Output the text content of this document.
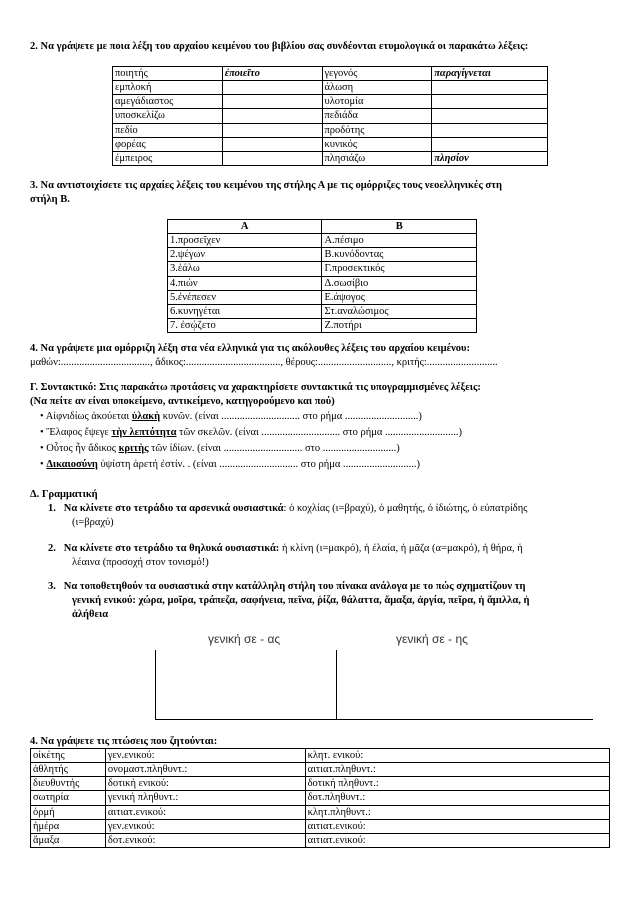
2. Να γράψετε με ποια λέξη του αρχαίου κειμένου του βιβλίου σας συνδέονται ετυμολογικά οι παρακάτω λέξεις:
ποιητής	ἐποιεῖτο	γεγονός	παραγίγνεται
εμπλοκή		άλωση	
αμεγάδιαστος		υλοτομία	
υποσκελίζω		πεδιάδα	
πεδίο		προδότης	
φορέας		κυνικός	
έμπειρος		πλησιάζω	πλησίον
3. Να αντιστοιχίσετε τις αρχαίες λέξεις του κειμένου της στήλης Α με τις ομόρριζες τους νεοελληνικές στη
στήλη Β.
Α	Β
1.προσεῖχεν	Α.πέσιμο
2.ψέγων	Β.κυνόδοντας
3.ἑάλω	Γ.προσεκτικός
4.πιών	Δ.σωσίβιο
5.ἐνέπεσεν	Ε.άψογος
6.κυνηγέται	Στ.αναλώσιμος
7. ἐσῴζετο	Ζ.ποτήρι
4. Να γράψετε μια ομόρριζη λέξη στα νέα ελληνικά για τις ακόλουθες λέξεις του αρχαίου κειμένου:
μαθών:.................................., ἄδικος:...................................., θέρους:............................, κριτής:...........................
Γ. Συντακτικό: Στις παρακάτω προτάσεις να χαρακτηρίσετε συντακτικά τις υπογραμμισμένες λέξεις:
(Να πείτε αν είναι υποκείμενο, αντικείμενο, κατηγορούμενο και πού)
• Αἰφνιδίως ἀκούεται ὑλακὴ κυνῶν. (είναι .............................. στο ρήμα ............................)
• Ἔλαφος ἔψεγε τὴν λεπτότητα τῶν σκελῶν. (είναι .............................. στο ρήμα ............................)
• Οὗτος ἦν ἄδικος κριτὴς τῶν ἰδίων. (είναι .............................. στο ............................)
• Δικαιοσύνη ὑψίστη ἀρετή ἐστίν. . (είναι .............................. στο ρήμα ............................)
Δ. Γραμματική
1. Να κλίνετε στο τετράδιο τα αρσενικά ουσιαστικά: ὁ κοχλίας (ι=βραχύ), ὁ μαθητής, ὁ ἰδιώτης, ὁ εὐπατρίδης
(ι=βραχύ)
2. Να κλίνετε στο τετράδιο τα θηλυκά ουσιαστικά: ἡ κλίνη (ι=μακρό), ἡ ἐλαία, ἡ μᾶζα (α=μακρό), ἡ θήρα, ἡ
λέαινα (προσοχή στον τονισμό!)
3. Να τοποθετηθούν τα ουσιαστικά στην κατάλληλη στήλη του πίνακα ανάλογα με το πώς σχηματίζουν τη
γενική ενικού: χώρα, μοῖρα, τράπεζα, σαφήνεια, πεῖνα, ῥίζα, θάλαττα, ἅμαξα, ἀργία, πεῖρα, ἡ ἅμιλλα, ἡ
ἀλήθεια
γενική σε - ας	γενική σε - ης
4. Να γράψετε τις πτώσεις που ζητούνται:
οἰκέτης	γεν.ενικού:	κλητ. ενικού:
ἀθλητής	ονομαστ.πληθυντ.:	αιτιατ.πληθυντ.:
διευθυντής	δοτική ενικού:	δοτική πληθυντ.:
σωτηρία	γενική πληθυντ.:	δοτ.πληθυντ.:
ὁρμή	αιτιατ.ενικού:	κλητ.πληθυντ.:
ἡμέρα	γεν.ενικού:	αιτιατ.ενικού:
ἅμαξα	δοτ.ενικού:	αιτιατ.ενικού:
